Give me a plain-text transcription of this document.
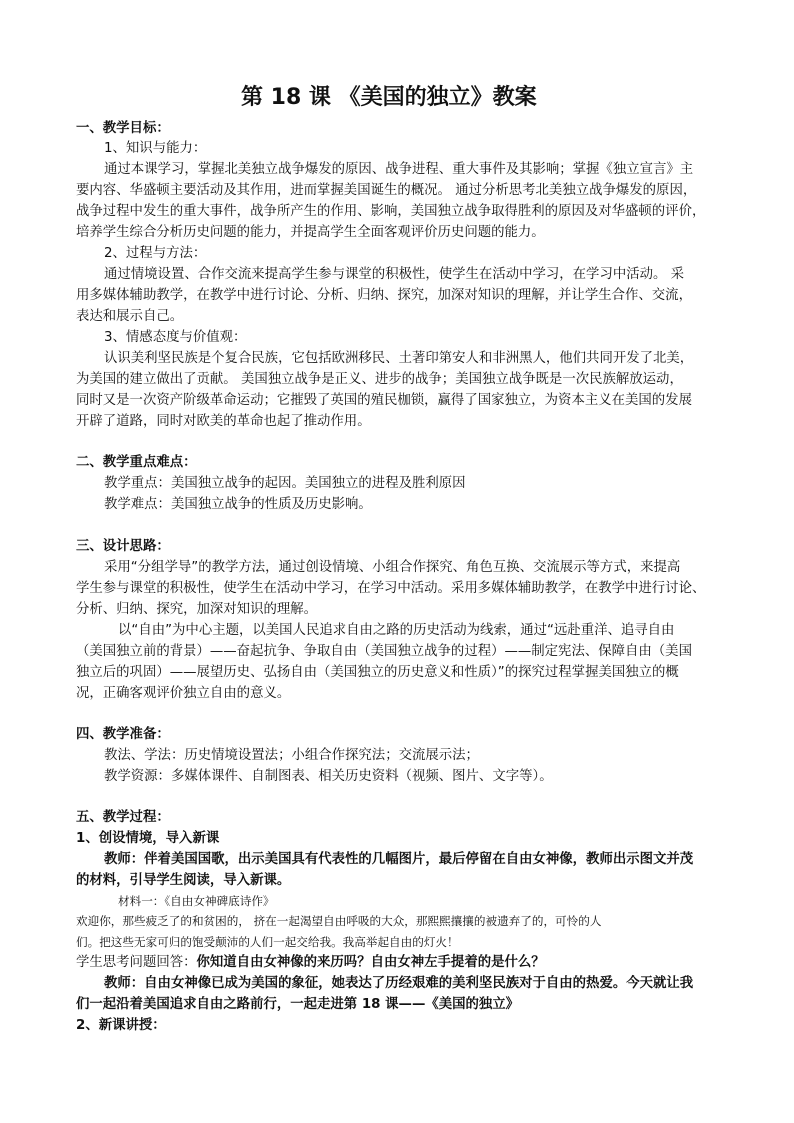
第 18 课 《美国的独立》教案
一、教学目标：
1、知识与能力：
通过本课学习，掌握北美独立战争爆发的原因、战争进程、重大事件及其影响；掌握《独立宣言》主
要内容、华盛顿主要活动及其作用，进而掌握美国诞生的概况。 通过分析思考北美独立战争爆发的原因，
战争过程中发生的重大事件，战争所产生的作用、影响，美国独立战争取得胜利的原因及对华盛顿的评价，
培养学生综合分析历史问题的能力，并提高学生全面客观评价历史问题的能力。
2、过程与方法：
通过情境设置、合作交流来提高学生参与课堂的积极性，使学生在活动中学习，在学习中活动。 采
用多媒体辅助教学，在教学中进行讨论、分析、归纳、探究，加深对知识的理解，并让学生合作、交流，
表达和展示自己。
3、情感态度与价值观：
认识美利坚民族是个复合民族，它包括欧洲移民、土著印第安人和非洲黑人，他们共同开发了北美，
为美国的建立做出了贡献。 美国独立战争是正义、进步的战争；美国独立战争既是一次民族解放运动，
同时又是一次资产阶级革命运动；它摧毁了英国的殖民枷锁，赢得了国家独立，为资本主义在美国的发展
开辟了道路，同时对欧美的革命也起了推动作用。
二、教学重点难点：
教学重点：美国独立战争的起因。美国独立的进程及胜利原因
教学难点：美国独立战争的性质及历史影响。
三、设计思路：
采用“分组学导”的教学方法，通过创设情境、小组合作探究、角色互换、交流展示等方式，来提高
学生参与课堂的积极性，使学生在活动中学习，在学习中活动。采用多媒体辅助教学，在教学中进行讨论、
分析、归纳、探究，加深对知识的理解。
以“自由”为中心主题，以美国人民追求自由之路的历史活动为线索，通过“远赴重洋、追寻自由
（美国独立前的背景）——奋起抗争、争取自由（美国独立战争的过程）——制定宪法、保障自由（美国
独立后的巩固）——展望历史、弘扬自由（美国独立的历史意义和性质）”的探究过程掌握美国独立的概
况，正确客观评价独立自由的意义。
四、教学准备：
教法、学法：历史情境设置法；小组合作探究法；交流展示法；
教学资源：多媒体课件、自制图表、相关历史资料（视频、图片、文字等）。
五、教学过程：
1、创设情境，导入新课
教师：伴着美国国歌，出示美国具有代表性的几幅图片，最后停留在自由女神像，教师出示图文并茂
的材料，引导学生阅读，导入新课。
材料一：《自由女神碑底诗作》
欢迎你，那些疲乏了的和贫困的， 挤在一起渴望自由呼吸的大众，那熙熙攘攘的被遗弃了的，可怜的人
们。把这些无家可归的饱受颠沛的人们一起交给我。我高举起自由的灯火！
学生思考问题回答：你知道自由女神像的来历吗？自由女神左手提着的是什么？
教师：自由女神像已成为美国的象征，她表达了历经艰难的美利坚民族对于自由的热爱。今天就让我
们一起沿着美国追求自由之路前行，一起走进第 18 课——《美国的独立》
2、新课讲授：
